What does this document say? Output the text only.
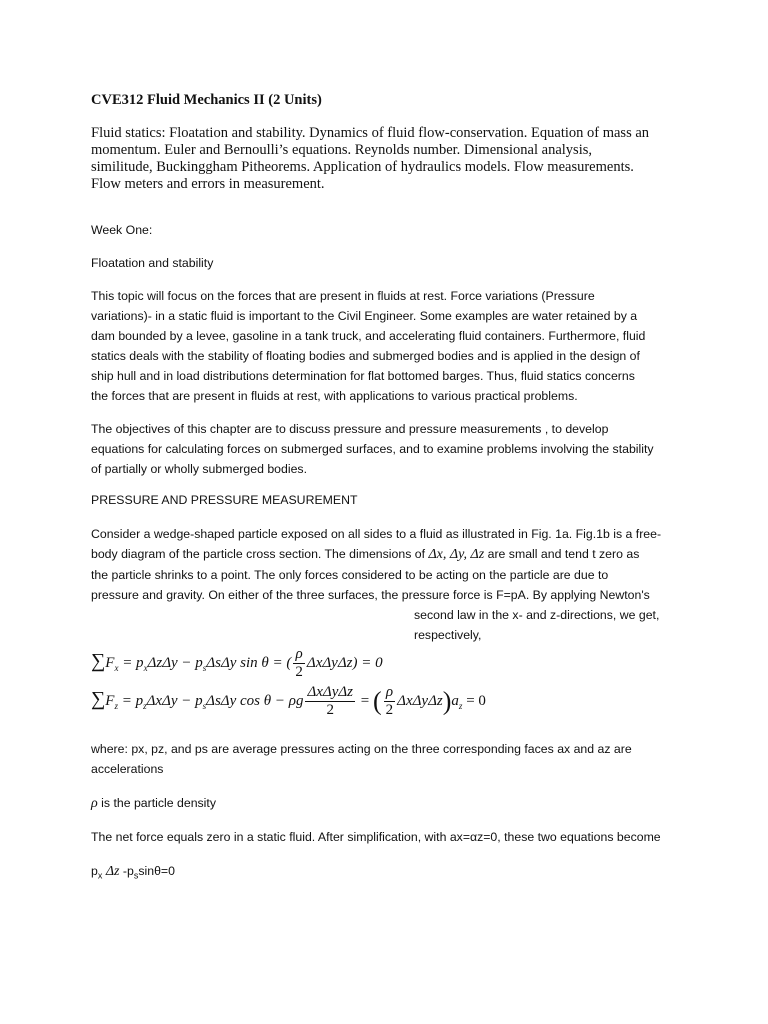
CVE312 Fluid Mechanics II (2 Units)
Fluid statics: Floatation and stability. Dynamics of fluid flow-conservation. Equation of mass an
momentum. Euler and Bernoulli’s equations. Reynolds number. Dimensional analysis,
similitude, Buckinggham Pitheorems. Application of hydraulics models. Flow measurements.
Flow meters and errors in measurement.
Week One:
Floatation and stability
This topic will focus on the forces that are present in fluids at rest. Force variations (Pressure
variations)- in a static fluid is important to the Civil Engineer. Some examples are water retained by a
dam bounded by a levee, gasoline in a tank truck, and accelerating fluid containers. Furthermore, fluid
statics deals with the stability of floating bodies and submerged bodies and is applied in the design of
ship hull and in load distributions determination for flat bottomed barges. Thus, fluid statics concerns
the forces that are present in fluids at rest, with applications to various practical problems.
The objectives of this chapter are to discuss pressure and pressure measurements , to develop
equations for calculating forces on submerged surfaces, and to examine problems involving the stability
of partially or wholly submerged bodies.
PRESSURE AND PRESSURE MEASUREMENT
Consider a wedge-shaped particle exposed on all sides to a fluid as illustrated in Fig. 1a. Fig.1b is a free-
body diagram of the particle cross section. The dimensions of Δx, Δy, Δz are small and tend t zero as
the particle shrinks to a point. The only forces considered to be acting on the particle are due to
pressure and gravity. On either of the three surfaces, the pressure force is F=pA. By applying Newton's
second law in the x- and z-directions, we get,
respectively,
$\sum F_x = p_x\Delta z\Delta y - p_s\Delta s\Delta y$ sin θ = ( $\frac{\rho}{2} \Delta x\Delta y\Delta z) = 0$
$\sum F_z = p_z\Delta x\Delta y - p_s\Delta s\Delta y$ cos θ − ρg $\frac{\text{ΔxΔyΔz}}{2}$ = ( $\frac{\rho}{2} \Delta x\Delta y\Delta z)a_z = 0$
where: px, pz, and ps are average pressures acting on the three corresponding faces ax and az are
accelerations
ρ is the particle density
The net force equals zero in a static fluid. After simplification, with ax=αz=0, these two equations become
$p_x$ Δz $-p_s\sin\theta=0$
